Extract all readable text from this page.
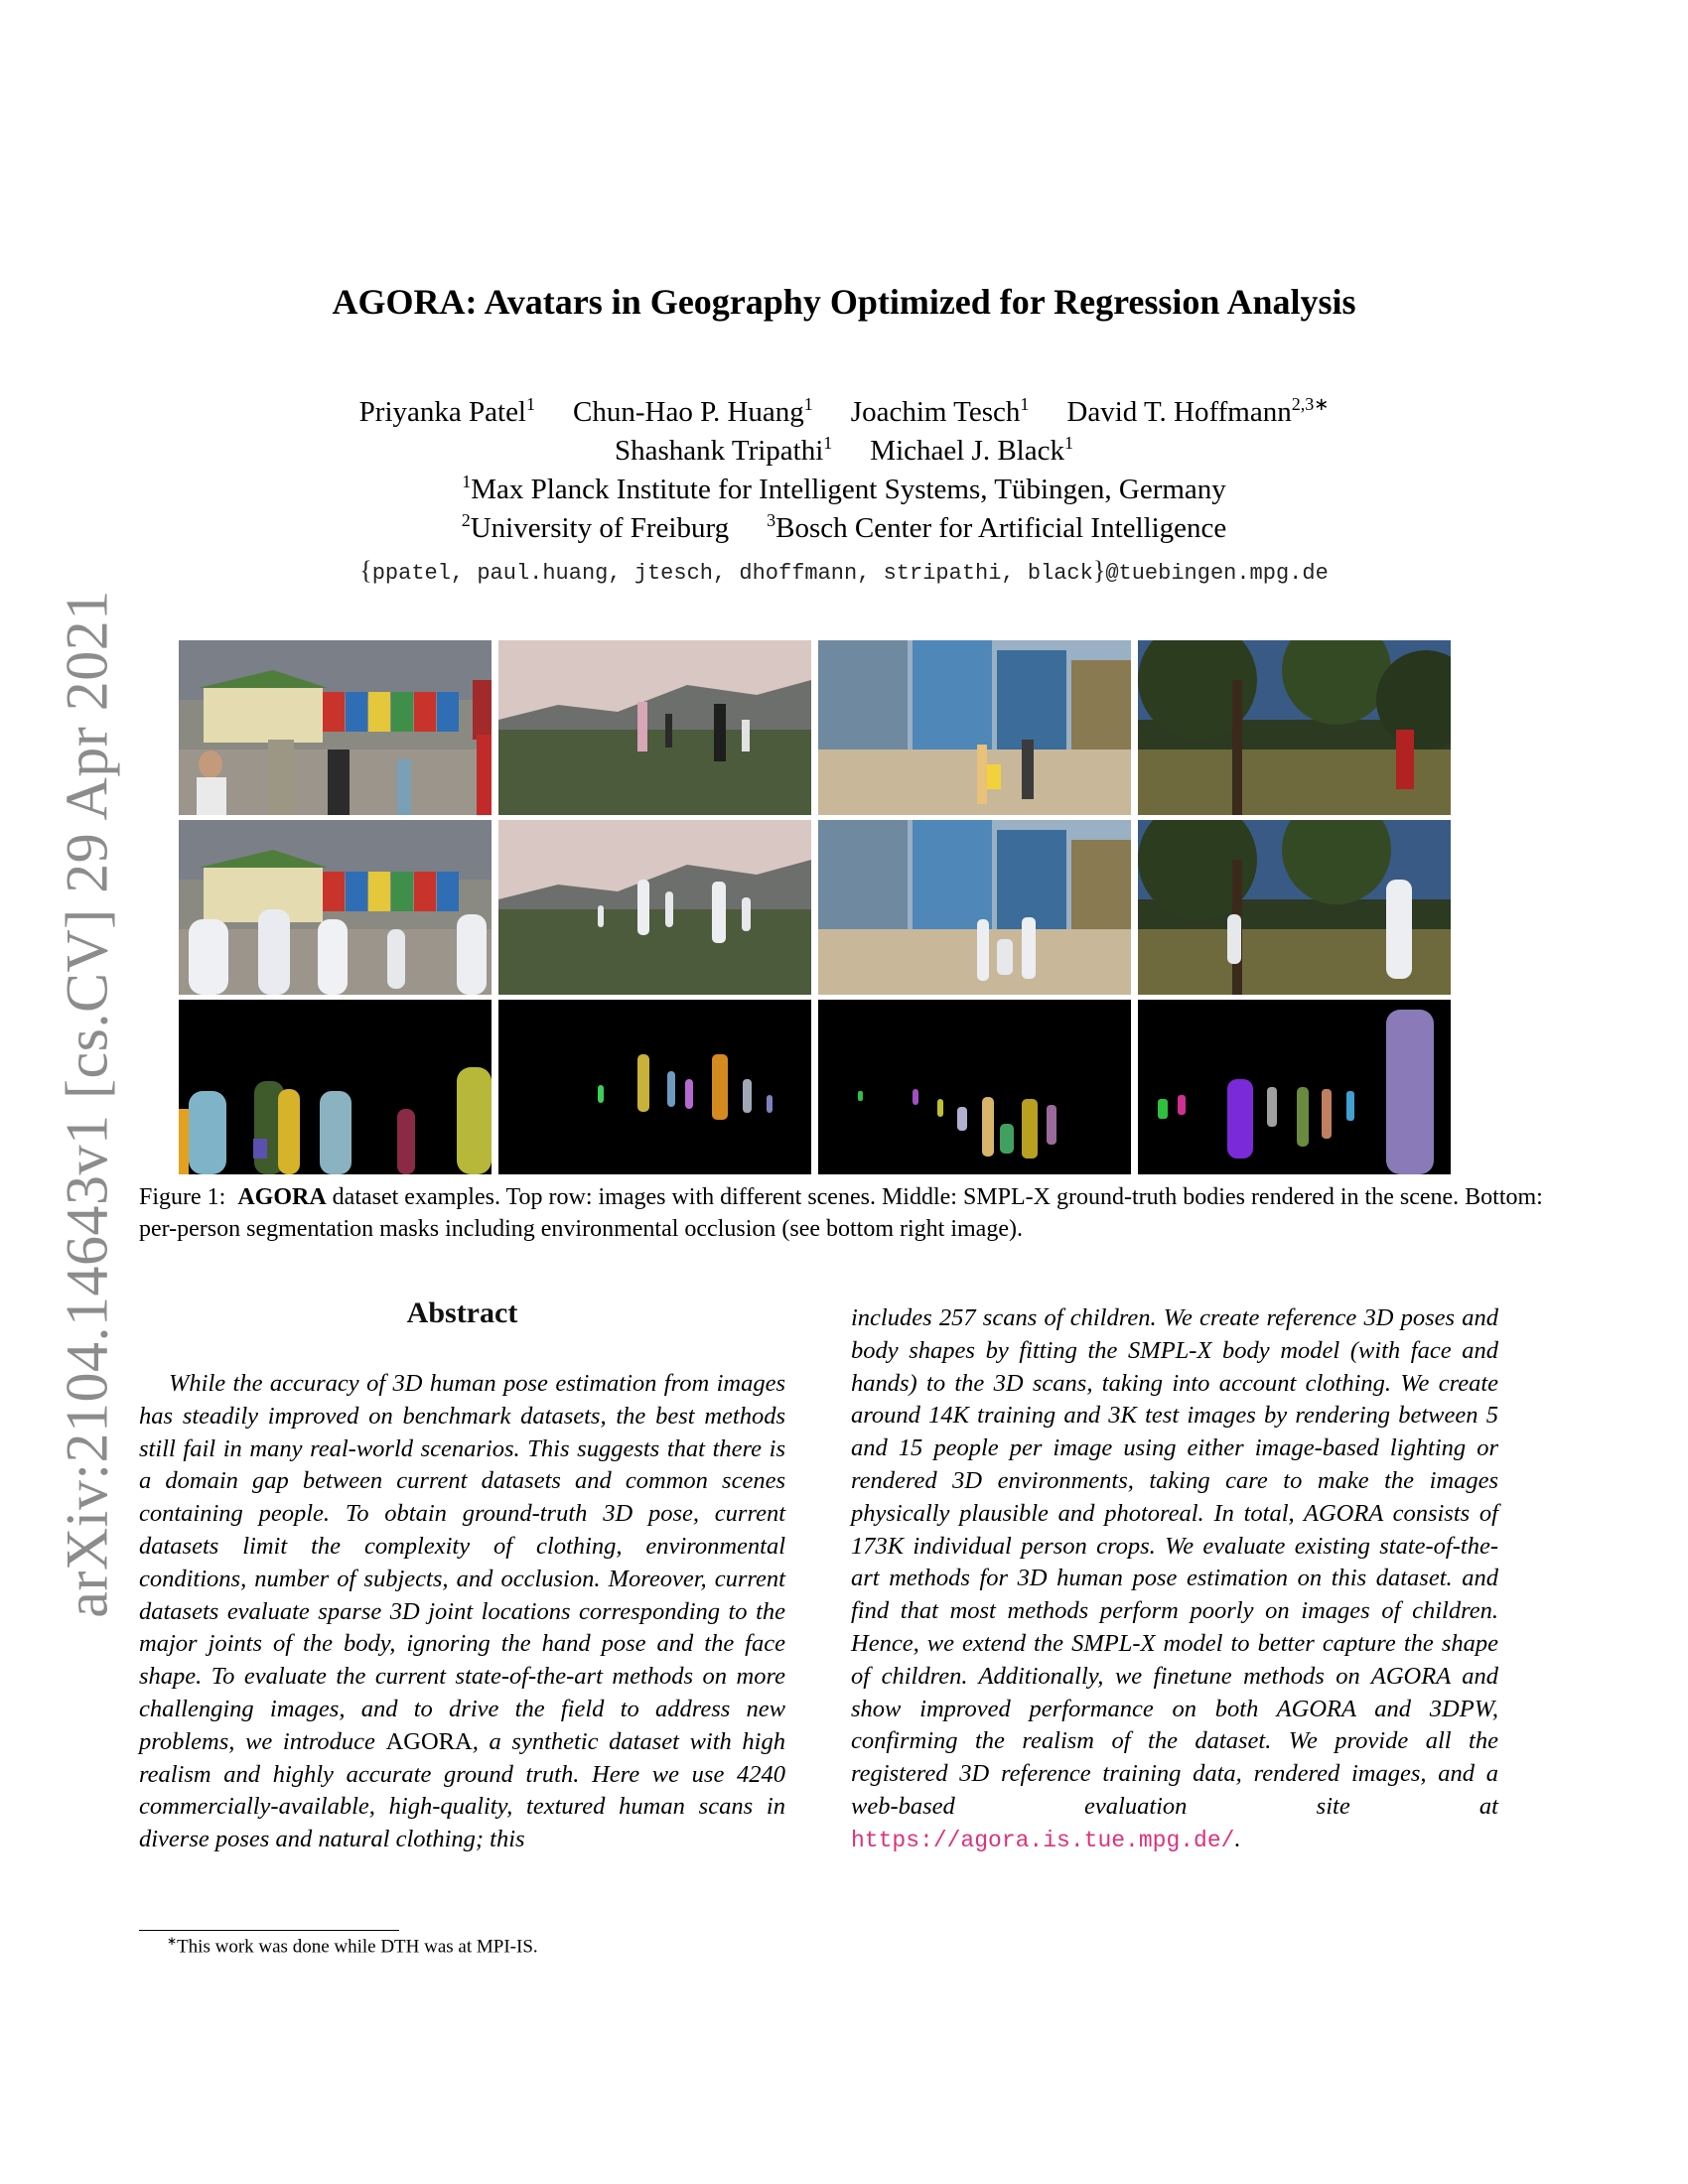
arXiv:2104.14643v1 [cs.CV] 29 Apr 2021
AGORA: Avatars in Geography Optimized for Regression Analysis
Priyanka Patel$^1$ Chun-Hao P. Huang$^1$ Joachim Tesch$^1$ David T. Hoffmann$^{2,3∗}$
Shashank Tripathi$^1$ Michael J. Black$^1$
$^1$Max Planck Institute for Intelligent Systems, Tübingen, Germany
$^2$University of Freiburg $^3$Bosch Center for Artificial Intelligence
{ppatel, paul.huang, jtesch, dhoffmann, stripathi, black}@tuebingen.mpg.de
Figure 1: AGORA dataset examples. Top row: images with different scenes. Middle: SMPL-X ground-truth bodies rendered in the scene. Bottom: per-person segmentation masks including environmental occlusion (see bottom right image).
Abstract

While the accuracy of 3D human pose estimation from images has steadily improved on benchmark datasets, the best methods still fail in many real-world scenarios. This suggests that there is a domain gap between current datasets and common scenes containing people. To obtain ground-truth 3D pose, current datasets limit the complexity of clothing, environmental conditions, number of subjects, and occlusion. Moreover, current datasets evaluate sparse 3D joint locations corresponding to the major joints of the body, ignoring the hand pose and the face shape. To evaluate the current state-of-the-art methods on more challenging images, and to drive the field to address new problems, we introduce AGORA, a synthetic dataset with high realism and highly accurate ground truth. Here we use 4240 commercially-available, high-quality, textured human scans in diverse poses and natural clothing; this

includes 257 scans of children. We create reference 3D poses and body shapes by fitting the SMPL-X body model (with face and hands) to the 3D scans, taking into account clothing. We create around 14K training and 3K test images by rendering between 5 and 15 people per image using either image-based lighting or rendered 3D environments, taking care to make the images physically plausible and photoreal. In total, AGORA consists of 173K individual person crops. We evaluate existing state-of-the-art methods for 3D human pose estimation on this dataset. and find that most methods perform poorly on images of children. Hence, we extend the SMPL-X model to better capture the shape of children. Additionally, we finetune methods on AGORA and show improved performance on both AGORA and 3DPW, confirming the realism of the dataset. We provide all the registered 3D reference training data, rendered images, and a web-based evaluation site at https://agora.is.tue.mpg.de/.

∗This work was done while DTH was at MPI-IS.
